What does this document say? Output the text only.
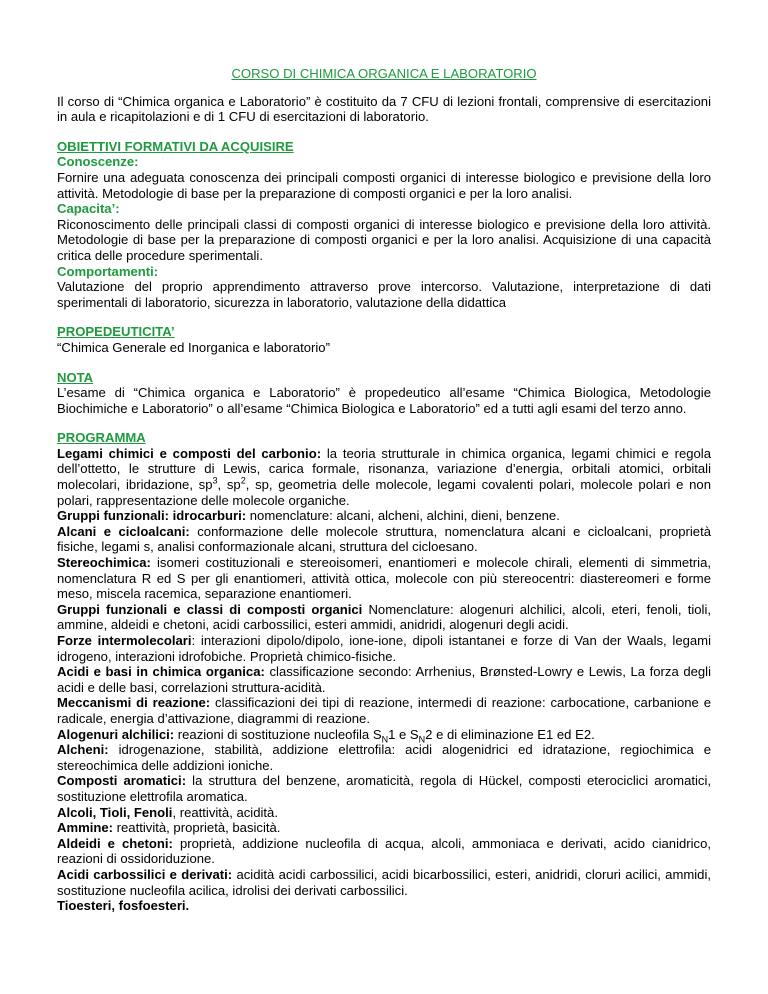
CORSO DI CHIMICA ORGANICA E LABORATORIO

Il corso di “Chimica organica e Laboratorio” è costituito da 7 CFU di lezioni frontali, comprensive di esercitazioni in aula e ricapitolazioni e di 1 CFU di esercitazioni di laboratorio.

OBIETTIVI FORMATIVI DA ACQUISIRE

Conoscenze:

Fornire una adeguata conoscenza dei principali composti organici di interesse biologico e previsione della loro attività. Metodologie di base per la preparazione di composti organici e per la loro analisi.

Capacita’:

Riconoscimento delle principali classi di composti organici di interesse biologico e previsione della loro attività. Metodologie di base per la preparazione di composti organici e per la loro analisi. Acquisizione di una capacità critica delle procedure sperimentali.

Comportamenti:

Valutazione del proprio apprendimento attraverso prove intercorso. Valutazione, interpretazione di dati sperimentali di laboratorio, sicurezza in laboratorio, valutazione della didattica

PROPEDEUTICITA’

“Chimica Generale ed Inorganica e laboratorio”

NOTA

L’esame di “Chimica organica e Laboratorio” è propedeutico all’esame “Chimica Biologica, Metodologie Biochimiche e Laboratorio” o all’esame “Chimica Biologica e Laboratorio” ed a tutti agli esami del terzo anno.

PROGRAMMA

Legami chimici e composti del carbonio: la teoria strutturale in chimica organica, legami chimici e regola dell’ottetto, le strutture di Lewis, carica formale, risonanza, variazione d’energia, orbitali atomici, orbitali molecolari, ibridazione, $sp^3$, $sp^2$, sp, geometria delle molecole, legami covalenti polari, molecole polari e non polari, rappresentazione delle molecole organiche.

Gruppi funzionali: idrocarburi: nomenclature: alcani, alcheni, alchini, dieni, benzene.

Alcani e cicloalcani: conformazione delle molecole struttura, nomenclatura alcani e cicloalcani, proprietà fisiche, legami s, analisi conformazionale alcani, struttura del cicloesano.

Stereochimica: isomeri costituzionali e stereoisomeri, enantiomeri e molecole chirali, elementi di simmetria, nomenclatura R ed S per gli enantiomeri, attività ottica, molecole con più stereocentri: diastereomeri e forme meso, miscela racemica, separazione enantiomeri.

Gruppi funzionali e classi di composti organici Nomenclature: alogenuri alchilici, alcoli, eteri, fenoli, tioli, ammine, aldeidi e chetoni, acidi carbossilici, esteri ammidi, anidridi, alogenuri degli acidi.

Forze intermolecolari: interazioni dipolo/dipolo, ione-ione, dipoli istantanei e forze di Van der Waals, legami idrogeno, interazioni idrofobiche. Proprietà chimico-fisiche.

Acidi e basi in chimica organica: classificazione secondo: Arrhenius, Brønsted-Lowry e Lewis, La forza degli acidi e delle basi, correlazioni struttura-acidità.

Meccanismi di reazione: classificazioni dei tipi di reazione, intermedi di reazione: carbocatione, carbanione e radicale, energia d’attivazione, diagrammi di reazione.

Alogenuri alchilici: reazioni di sostituzione nucleofila $S_N1$ e $S_N2$ e di eliminazione E1 ed E2.

Alcheni: idrogenazione, stabilità, addizione elettrofila: acidi alogenidrici ed idratazione, regiochimica e stereochimica delle addizioni ioniche.

Composti aromatici: la struttura del benzene, aromaticità, regola di Hückel, composti eterociclici aromatici, sostituzione elettrofila aromatica.

Alcoli, Tioli, Fenoli, reattività, acidità.

Ammine: reattività, proprietà, basicità.

Aldeidi e chetoni: proprietà, addizione nucleofila di acqua, alcoli, ammoniaca e derivati, acido cianidrico, reazioni di ossidoriduzione.

Acidi carbossilici e derivati: acidità acidi carbossilici, acidi bicarbossilici, esteri, anidridi, cloruri acilici, ammidi, sostituzione nucleofila acilica, idrolisi dei derivati carbossilici.

Tioesteri, fosfoesteri.
